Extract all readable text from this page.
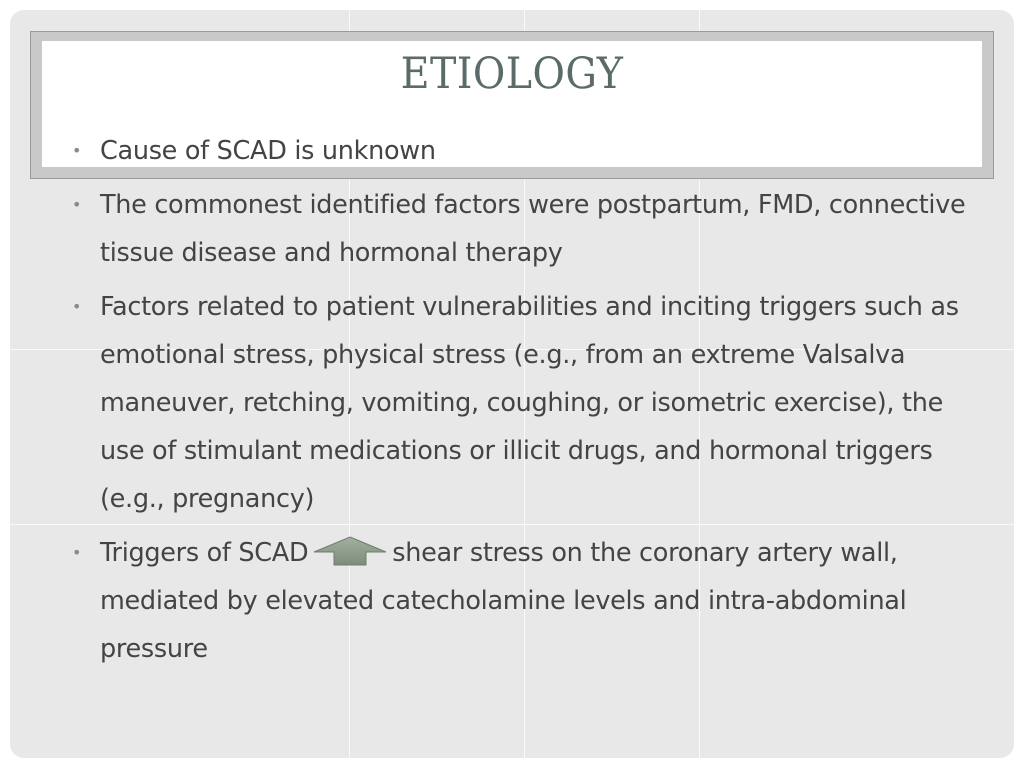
ETIOLOGY
• Cause of SCAD is unknown
• The commonest identified factors were postpartum, FMD, connective tissue disease and hormonal therapy
• Factors related to patient vulnerabilities and inciting triggers such as emotional stress, physical stress (e.g., from an extreme Valsalva maneuver, retching, vomiting, coughing, or isometric exercise), the use of stimulant medications or illicit drugs, and hormonal triggers (e.g., pregnancy)
• Triggers of SCAD	shear stress on the coronary artery wall, mediated by elevated catecholamine levels and intra-abdominal pressure
